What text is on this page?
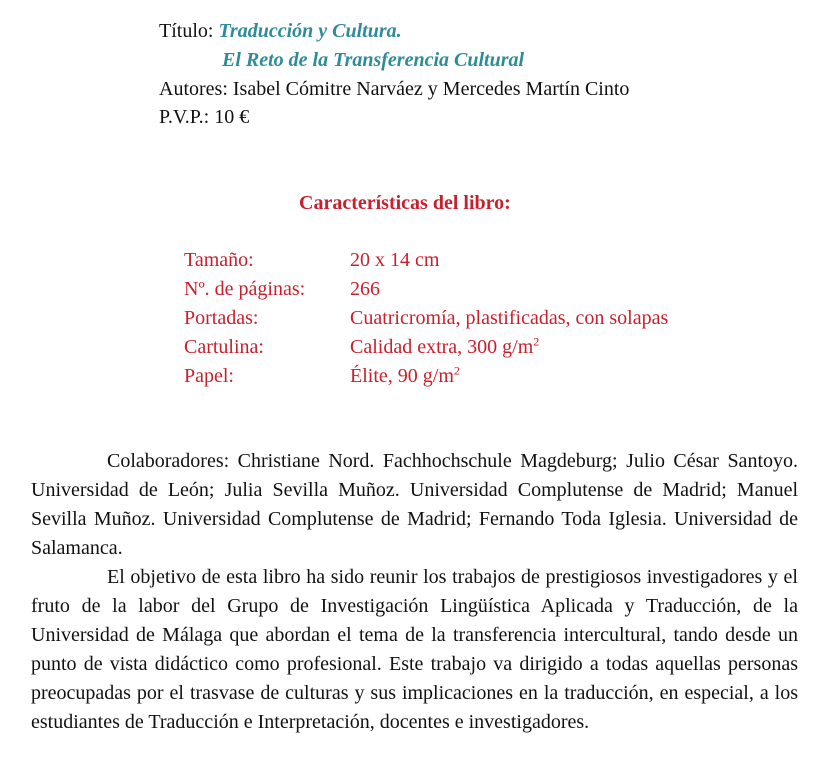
Título: Traducción y Cultura.
El Reto de la Transferencia Cultural
Autores: Isabel Cómitre Narváez y Mercedes Martín Cinto
P.V.P.: 10 €
Características del libro:
Tamaño:	20 x 14 cm
Nº. de páginas: 266
Portadas:	Cuatricromía, plastificadas, con solapas
Cartulina:	Calidad extra, 300 $g/m^2$
Papel:	Élite, 90 $g/m^2$

Colaboradores: Christiane Nord. Fachhochschule Magdeburg; Julio César Santoyo. Universidad de León; Julia Sevilla Muñoz. Universidad Complutense de Madrid; Manuel Sevilla Muñoz. Universidad Complutense de Madrid; Fernando Toda Iglesia. Universidad de Salamanca.

El objetivo de esta libro ha sido reunir los trabajos de prestigiosos investigadores y el fruto de la labor del Grupo de Investigación Lingüística Aplicada y Traducción, de la Universidad de Málaga que abordan el tema de la transferencia intercultural, tando desde un punto de vista didáctico como profesional. Este trabajo va dirigido a todas aquellas personas preocupadas por el trasvase de culturas y sus implicaciones en la traducción, en especial, a los estudiantes de Traducción e Interpretación, docentes e investigadores.
